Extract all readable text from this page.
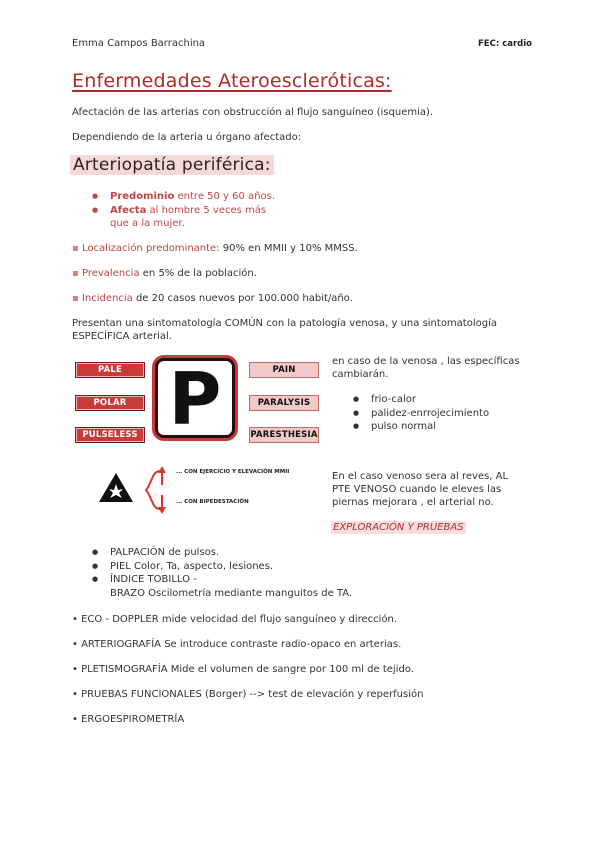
Emma Campos Barrachina	FEC: cardio
Enfermedades Ateroescleróticas:
Afectación de las arterias con obstrucción al flujo sanguíneo (isquemia).
Dependiendo de la arteria u órgano afectado:
Arteriopatía periférica:
● Predominio entre 50 y 60 años.
● Afecta al hombre 5 veces más
que a la mujer.
▪ Localización predominante: 90% en MMII y 10% MMSS.
▪ Prevalencia en 5% de la población.
▪ Incidencia de 20 casos nuevos por 100.000 habit/año.
Presentan una sintomatología COMÚN con la patología venosa, y una sintomatología ESPECÍFICA arterial.
PALE
POLAR
PULSELESS P	PAIN
PARALYSIS
PARESTHESIA
en caso de la venosa , las específicas cambiarán.
● frio-calor
● palidez-enrrojecimiento
● pulso normal
... CON EJERCICIO Y ELEVACIÓN MMII
... CON BIPEDESTACIÓN
En el caso venoso sera al reves, AL PTE VENOSO cuando le eleves las piernas mejorara , el arterial no.
EXPLORACIÓN Y PRUEBAS
● PALPACIÓN de pulsos.
● PIEL Color, Ta, aspecto, lesiones.
● ÍNDICE TOBILLO -
BRAZO Oscilometría mediante manguitos de TA.
• ECO - DOPPLER mide velocidad del flujo sanguíneo y dirección.
• ARTERIOGRAFÍA Se introduce contraste radio-opaco en arterias.
• PLETISMOGRAFÍA Mide el volumen de sangre por 100 ml de tejido.
• PRUEBAS FUNCIONALES (Borger) --> test de elevación y reperfusión
• ERGOESPIROMETRÍA
